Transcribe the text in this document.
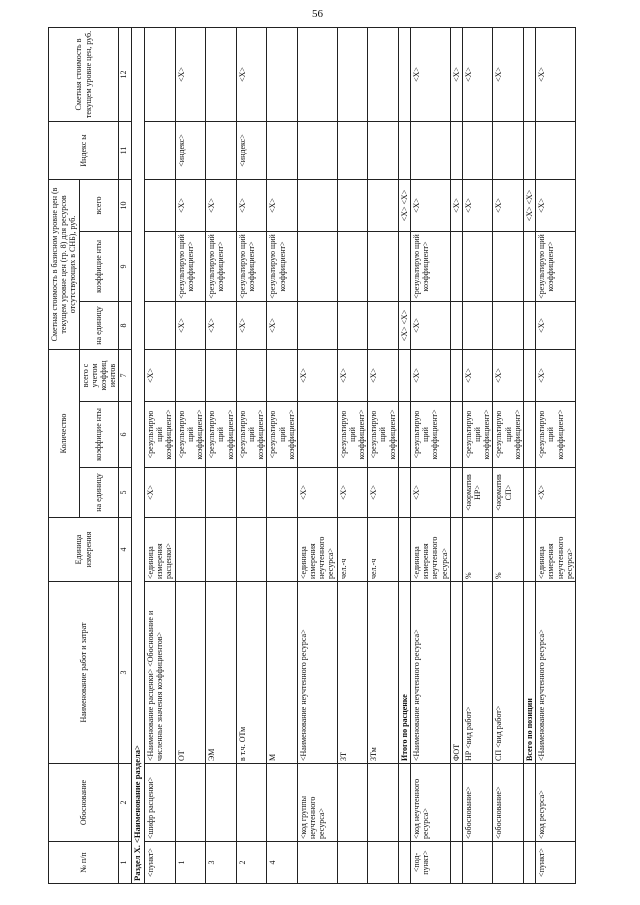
56
№ п/п	Обоснование	Наименование работ и затрат	Единица измерения	Количество			Сметная стоимость в базисном уровне цен (в текущем уровне цен (гр. 8) для ресурсов отсутствующих в СНБ), руб.			Индекс ы	Сметная стоимость в текущем уровне цен, руб.
				на единицу	коэффицие нты	всего с учетом коэффиц иентов	на единицу	коэффицие нты	всего		
1	2	3	4	5	6	7	8	9	10	11	12
Раздел X. <Наименование раздела>											
<пункт>	<шифр расценки>	<Наименование расценки> <Обоснование и численные значения коэффициентов>	<единица измерения расценки>	<X>	<результирую щий коэффициент>	<X>					
1		ОТ			<результирую щий коэффициент>		<X>	<результирую щий коэффициент>	<X>	<индекс>	<X>
3		ЭМ			<результирую щий коэффициент>		<X>	<результирую щий коэффициент>	<X>		
2		в т.ч. ОТм			<результирую щий коэффициент>		<X>	<результирую щий коэффициент>	<X>	<индекс>	<X>
4		М			<результирую щий коэффициент>		<X>	<результирую щий коэффициент>	<X>		
	<код группы неучтенного ресурса>	<Наименование неучтенного ресурса>	<единица измерения неучтенного ресурса>	<X>		<X>					
		ЗТ	чел.-ч	<X>	<результирую щий коэффициент>	<X>					
		ЗТм	чел.-ч	<X>	<результирую щий коэффициент>	<X>					
		Итого по расценке					<X> <X>		<X> <X>		
<под- пункт>	<код неучтенного ресурса>	<Наименование неучтенного ресурса>	<единица измерения неучтенного ресурса>	<X>	<результирую щий коэффициент>	<X>	<X>	<результирую щий коэффициент>	<X>		<X>
		ФОТ							<X>		<X>
	<обоснование>	НР <вид работ>	%	<норматив НР>	<результирую щий коэффициент>	<X>			<X>		<X>
	<обоснование>	СП <вид работ>	%	<норматив СП>	<результирую щий коэффициент>	<X>			<X>		<X>
		Всего по позиции							<X> <X>		
<пункт>	<код ресурса>	<Наименование неучтенного ресурса>	<единица измерения неучтенного ресурса>	<X>	<результирую щий коэффициент>	<X>	<X>	<результирую щий коэффициент>	<X>		<X>
